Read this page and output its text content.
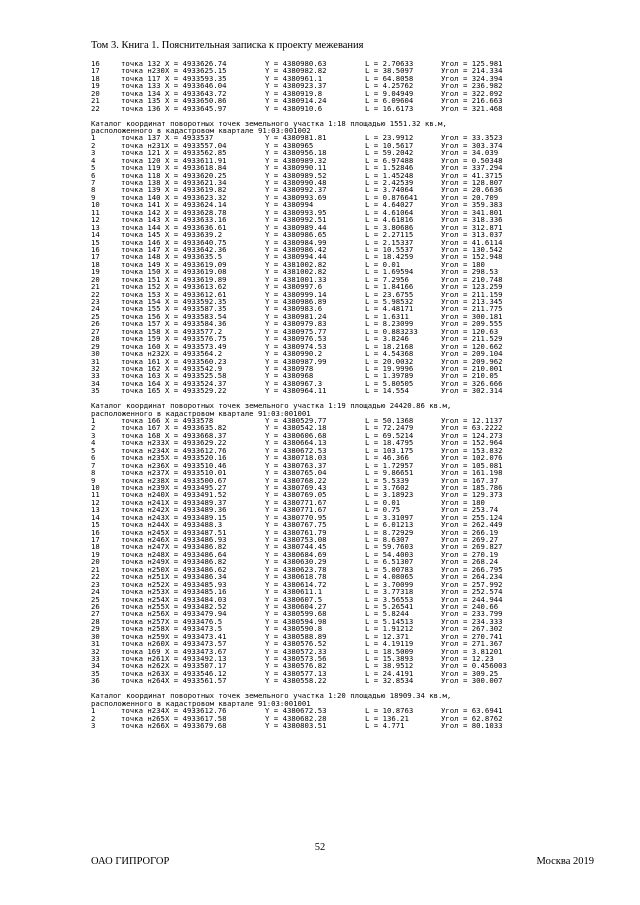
Том 3. Книга 1. Пояснительная записка к проекту межевания
16	точка 132 X = 4933626.74	Y = 4380980.63	L = 2.70633	Угол = 125.981
17	точка н230 X = 4933625.15	Y = 4380982.82	L = 38.5097	Угол = 214.334
18	точка 117 X = 4933593.35	Y = 4380961.1	L = 64.8058	Угол = 324.394
19	точка 133 X = 4933646.04	Y = 4380923.37	L = 4.25762	Угол = 236.982
20	точка 134 X = 4933643.72	Y = 4380919.8	L = 9.04949	Угол = 322.092
21	точка 135 X = 4933650.86	Y = 4380914.24	L = 6.09604	Угол = 216.663
22	точка 136 X = 4933645.97	Y = 4380910.6	L = 16.6173	Угол = 321.468
Каталог координат поворотных точек земельного участка 1:18 площадью 1551.32 кв.м,
расположенного в кадастровом квартале 91:03:001002
1	точка 137 X = 4933537	Y = 4380981.81	L = 23.9912	Угол = 33.3523
2	точка н231 X = 4933557.04	Y = 4380965	L = 10.5617	Угол = 303.374
3	точка 121 X = 4933562.85	Y = 4380956.18	L = 59.2042	Угол = 34.039
4	точка 120 X = 4933611.91	Y = 4380989.32	L = 6.97488	Угол = 0.50348
5	точка 119 X = 4933618.84	Y = 4380990.11	L = 1.52846	Угол = 337.294
6	точка 118 X = 4933620.25	Y = 4380989.52	L = 1.45248	Угол = 41.3715
7	точка 138 X = 4933621.34	Y = 4380990.48	L = 2.42539	Угол = 128.807
8	точка 139 X = 4933619.82	Y = 4380992.37	L = 3.74064	Угол = 20.6636
9	точка 140 X = 4933623.32	Y = 4380993.69	L = 0.876641	Угол = 20.709
10	точка 141 X = 4933624.14	Y = 4380994	L = 4.64027	Угол = 359.383
11	точка 142 X = 4933628.78	Y = 4380993.95	L = 4.61064	Угол = 341.801
12	точка 143 X = 4933633.16	Y = 4380992.51	L = 4.61816	Угол = 318.336
13	точка 144 X = 4933636.61	Y = 4380989.44	L = 3.80686	Угол = 312.871
14	точка 145 X = 4933639.2	Y = 4380986.65	L = 2.27115	Угол = 313.037
15	точка 146 X = 4933640.75	Y = 4380984.99	L = 2.15337	Угол = 41.6114
16	точка 147 X = 4933642.36	Y = 4380986.42	L = 10.5537	Угол = 130.542
17	точка 148 X = 4933635.5	Y = 4380994.44	L = 18.4259	Угол = 152.948
18	точка 149 X = 4933619.09	Y = 4381002.82	L = 0.01	Угол = 180
19	точка 150 X = 4933619.08	Y = 4381002.82	L = 1.69594	Угол = 298.53
20	точка 151 X = 4933619.89	Y = 4381001.33	L = 7.2956	Угол = 210.748
21	точка 152 X = 4933613.62	Y = 4380997.6	L = 1.84166	Угол = 123.259
22	точка 153 X = 4933612.61	Y = 4380999.14	L = 23.6755	Угол = 211.159
23	точка 154 X = 4933592.35	Y = 4380986.89	L = 5.98532	Угол = 213.345
24	точка 155 X = 4933587.35	Y = 4380983.6	L = 4.48171	Угол = 211.775
25	точка 156 X = 4933583.54	Y = 4380981.24	L = 1.6311	Угол = 300.181
26	точка 157 X = 4933584.36	Y = 4380979.83	L = 8.23099	Угол = 209.555
27	точка 158 X = 4933577.2	Y = 4380975.77	L = 0.883233	Угол = 120.63
28	точка 159 X = 4933576.75	Y = 4380976.53	L = 3.8246	Угол = 211.529
29	точка 160 X = 4933573.49	Y = 4380974.53	L = 18.2168	Угол = 120.662
30	точка н232 X = 4933564.2	Y = 4380990.2	L = 4.54368	Угол = 209.104
31	точка 161 X = 4933560.23	Y = 4380987.99	L = 20.0032	Угол = 209.962
32	точка 162 X = 4933542.9	Y = 4380978	L = 19.9996	Угол = 210.001
33	точка 163 X = 4933525.58	Y = 4380968	L = 1.39789	Угол = 210.05
34	точка 164 X = 4933524.37	Y = 4380967.3	L = 5.80505	Угол = 326.666
35	точка 165 X = 4933529.22	Y = 4380964.11	L = 14.554	Угол = 302.314
Каталог координат поворотных точек земельного участка 1:19 площадью 24420.86 кв.м,
расположенного в кадастровом квартале 91:03:001001
1	точка 166 X = 4933578	Y = 4380529.77	L = 50.1368	Угол = 12.1137
2	точка 167 X = 4933635.82	Y = 4380542.18	L = 72.2479	Угол = 63.2222
3	точка 168 X = 4933668.37	Y = 4380606.68	L = 69.5214	Угол = 124.273
4	точка н233 X = 4933629.22	Y = 4380664.13	L = 18.4795	Угол = 152.964
5	точка н234 X = 4933612.76	Y = 4380672.53	L = 103.175	Угол = 153.832
6	точка н235 X = 4933520.16	Y = 4380718.03	L = 46.366	Угол = 102.076
7	точка н236 X = 4933510.46	Y = 4380763.37	L = 1.72957	Угол = 105.081
8	точка н237 X = 4933510.01	Y = 4380765.04	L = 9.86651	Угол = 161.198
9	точка н238 X = 4933500.67	Y = 4380768.22	L = 5.5339	Угол = 167.37
10	точка н239 X = 4933495.27	Y = 4380769.43	L = 3.7602	Угол = 185.786
11	точка н240 X = 4933491.52	Y = 4380769.05	L = 3.18923	Угол = 129.373
12	точка н241 X = 4933489.37	Y = 4380771.67	L = 0.01	Угол = 180
13	точка н242 X = 4933489.36	Y = 4380771.67	L = 0.75	Угол = 253.74
14	точка н243 X = 4933489.15	Y = 4380770.95	L = 3.31097	Угол = 255.124
15	точка н244 X = 4933488.3	Y = 4380767.75	L = 6.01213	Угол = 262.449
16	точка н245 X = 4933487.51	Y = 4380761.79	L = 8.72929	Угол = 266.19
17	точка н246 X = 4933486.93	Y = 4380753.08	L = 8.6307	Угол = 269.27
18	точка н247 X = 4933486.82	Y = 4380744.45	L = 59.7603	Угол = 269.827
19	точка н248 X = 4933486.64	Y = 4380684.69	L = 54.4003	Угол = 270.19
20	точка н249 X = 4933486.82	Y = 4380630.29	L = 6.51307	Угол = 268.24
21	точка н250 X = 4933486.62	Y = 4380623.78	L = 5.00783	Угол = 266.795
22	точка н251 X = 4933486.34	Y = 4380618.78	L = 4.08065	Угол = 264.234
23	точка н252 X = 4933485.93	Y = 4380614.72	L = 3.70099	Угол = 257.992
24	точка н253 X = 4933485.16	Y = 4380611.1	L = 3.77318	Угол = 252.574
25	точка н254 X = 4933484.03	Y = 4380607.5	L = 3.56553	Угол = 244.944
26	точка н255 X = 4933482.52	Y = 4380604.27	L = 5.26541	Угол = 240.66
27	точка н256 X = 4933479.94	Y = 4380599.68	L = 5.8244	Угол = 233.799
28	точка н257 X = 4933476.5	Y = 4380594.98	L = 5.14513	Угол = 234.333
29	точка н258 X = 4933473.5	Y = 4380590.8	L = 1.91212	Угол = 267.302
30	точка н259 X = 4933473.41	Y = 4380588.89	L = 12.371	Угол = 270.741
31	точка н260 X = 4933473.57	Y = 4380576.52	L = 4.19119	Угол = 271.367
32	точка 169 X = 4933473.67	Y = 4380572.33	L = 18.5009	Угол = 3.81201
33	точка н261 X = 4933492.13	Y = 4380573.56	L = 15.3893	Угол = 12.23
34	точка н262 X = 4933507.17	Y = 4380576.82	L = 38.9512	Угол = 0.456003
35	точка н263 X = 4933546.12	Y = 4380577.13	L = 24.4191	Угол = 309.25
36	точка н264 X = 4933561.57	Y = 4380558.22	L = 32.8534	Угол = 300.007
Каталог координат поворотных точек земельного участка 1:20 площадью 18909.34 кв.м,
расположенного в кадастровом квартале 91:03:001001
1	точка н234 X = 4933612.76	Y = 4380672.53	L = 10.8763	Угол = 63.6941
2	точка н265 X = 4933617.58	Y = 4380682.28	L = 136.21	Угол = 62.8762
3	точка н266 X = 4933679.68	Y = 4380803.51	L = 4.771	Угол = 80.1033
52
ОАО ГИПРОГОР	Москва 2019
